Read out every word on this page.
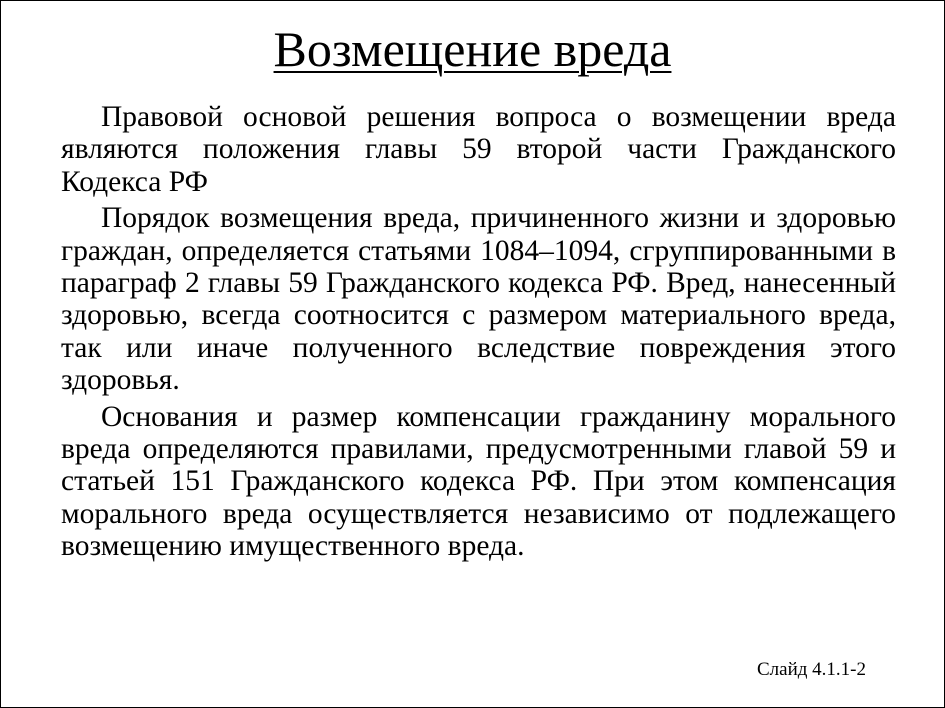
Возмещение вреда

Правовой основой решения вопроса о возмещении вреда являются положения главы 59 второй части Гражданского Кодекса РФ

Порядок возмещения вреда, причиненного жизни и здоровью граждан, определяется статьями 1084–1094, сгруппированными в параграф 2 главы 59 Гражданского кодекса РФ. Вред, нанесенный здоровью, всегда соотносится с размером материального вреда, так или иначе полученного вследствие повреждения этого здоровья.

Основания и размер компенсации гражданину морального вреда определяются правилами, предусмотренными главой 59 и статьей 151 Гражданского кодекса РФ. При этом компенсация морального вреда осуществляется независимо от подлежащего возмещению имущественного вреда.

Слайд 4.1.1-2
